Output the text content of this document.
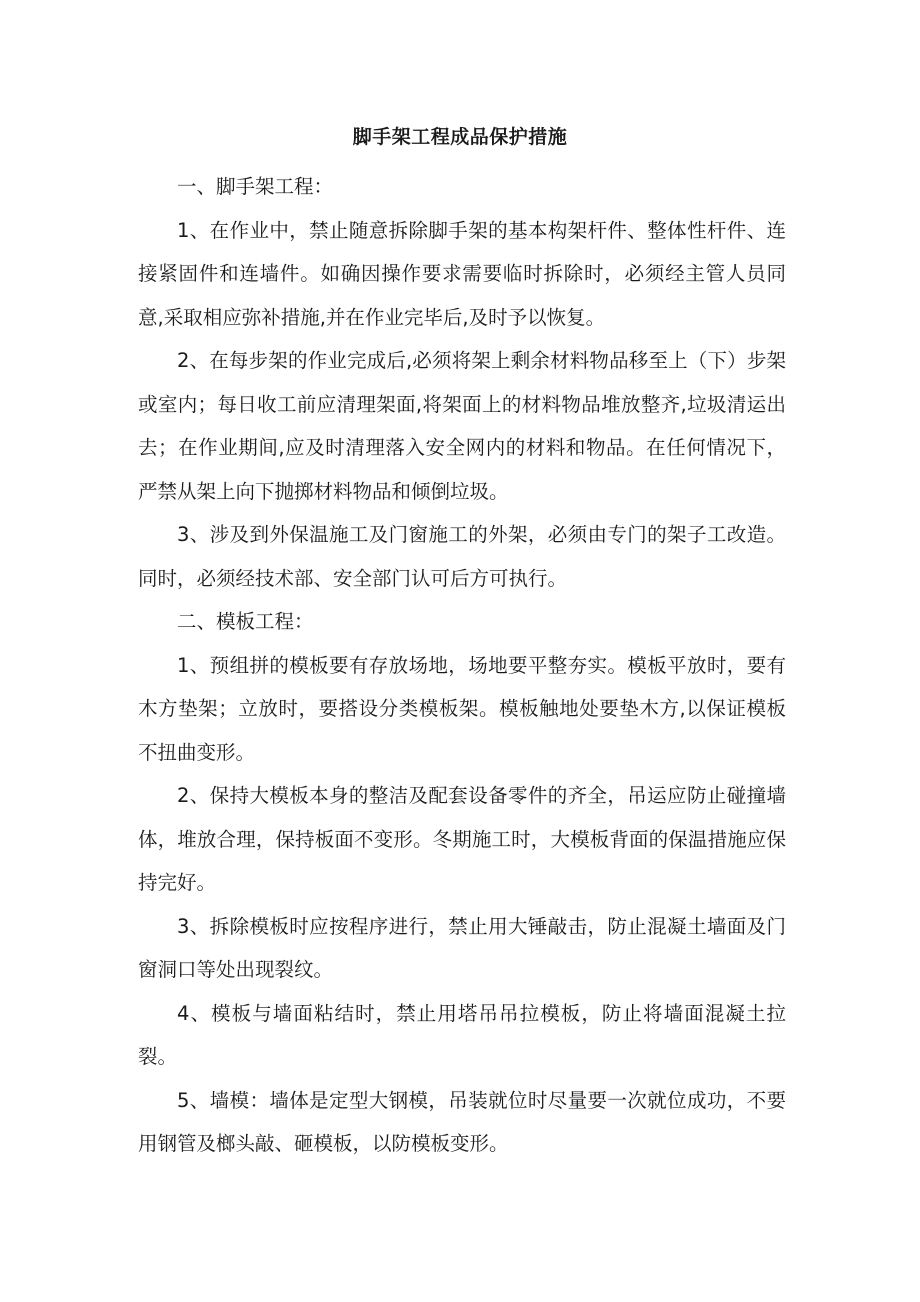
脚手架工程成品保护措施

一、脚手架工程：

1、在作业中，禁止随意拆除脚手架的基本构架杆件、整体性杆件、连接紧固件和连墙件。如确因操作要求需要临时拆除时，必须经主管人员同意,采取相应弥补措施,并在作业完毕后,及时予以恢复。

2、在每步架的作业完成后,必须将架上剩余材料物品移至上（下）步架或室内；每日收工前应清理架面,将架面上的材料物品堆放整齐,垃圾清运出去；在作业期间,应及时清理落入安全网内的材料和物品。在任何情况下，严禁从架上向下抛掷材料物品和倾倒垃圾。

3、涉及到外保温施工及门窗施工的外架，必须由专门的架子工改造。同时，必须经技术部、安全部门认可后方可执行。

二、模板工程：

1、预组拼的模板要有存放场地，场地要平整夯实。模板平放时，要有木方垫架；立放时，要搭设分类模板架。模板触地处要垫木方,以保证模板不扭曲变形。

2、保持大模板本身的整洁及配套设备零件的齐全，吊运应防止碰撞墙体，堆放合理，保持板面不变形。冬期施工时，大模板背面的保温措施应保持完好。

3、拆除模板时应按程序进行，禁止用大锤敲击，防止混凝土墙面及门窗洞口等处出现裂纹。

4、模板与墙面粘结时，禁止用塔吊吊拉模板，防止将墙面混凝土拉裂。

5、墙模：墙体是定型大钢模，吊装就位时尽量要一次就位成功，不要用钢管及榔头敲、砸模板，以防模板变形。
